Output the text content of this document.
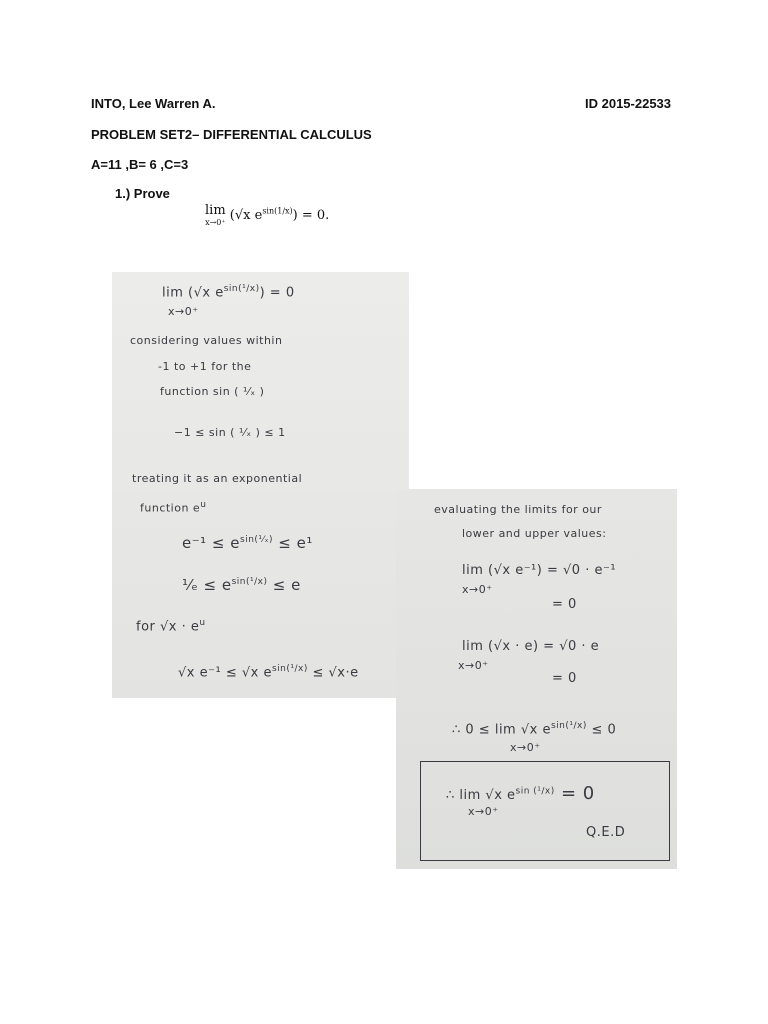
INTO, Lee Warren A.	ID 2015-22533
PROBLEM SET2– DIFFERENTIAL CALCULUS
A=11 ,B= 6 ,C=3
1.) Prove
lim
x→0⁺ (√x $e^{sin(1/x)}) = 0$.
lim (√x $e^{sin(^1/x)}) = 0$
x→0⁺
considering values within
-1 to +1 for the
function sin ( ¹⁄ₓ )
−1 ≤ sin ( ¹⁄ₓ ) ≤ 1
treating it as an exponential
function $e^u$
$e^{-1} \le e^{sin(^1⁄_x)} \le e^1$
¹⁄ₑ ≤ $e^{sin(^1/x)} \le e$
for $√x \cdot e^u$
√x e⁻¹ ≤ √x $e^{sin(^1/x)} \le √x\cdot e$
evaluating the limits for our
lower and upper values:
lim (√x e⁻¹) = √0 · e⁻¹
x→0⁺
= 0
lim (√x · e) = √0 · e
x→0⁺
= 0
∴ 0 ≤ lim √x $e^{sin(^1/x)} \le 0$
x→0⁺
∴ lim √x $e^{sin (^1/x)} = 0$
x→0⁺
Q.E.D
